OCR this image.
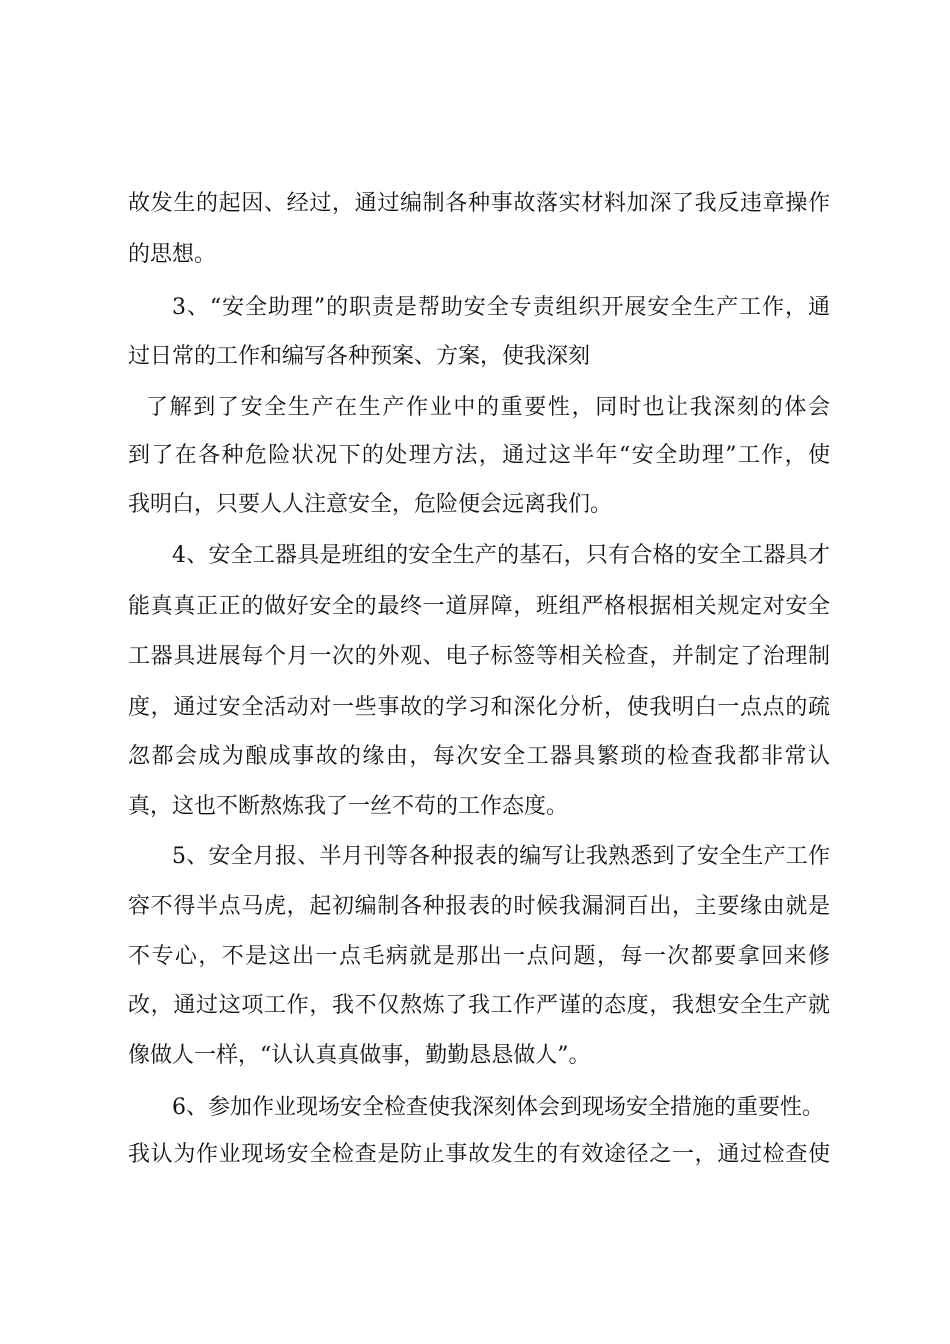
故发生的起因、经过，通过编制各种事故落实材料加深了我反违章操作

的思想。

3、“安全助理”的职责是帮助安全专责组织开展安全生产工作，通

过日常的工作和编写各种预案、方案，使我深刻

了解到了安全生产在生产作业中的重要性，同时也让我深刻的体会

到了在各种危险状况下的处理方法，通过这半年“安全助理”工作，使

我明白，只要人人注意安全，危险便会远离我们。

4、安全工器具是班组的安全生产的基石，只有合格的安全工器具才

能真真正正的做好安全的最终一道屏障，班组严格根据相关规定对安全

工器具进展每个月一次的外观、电子标签等相关检查，并制定了治理制

度，通过安全活动对一些事故的学习和深化分析，使我明白一点点的疏

忽都会成为酿成事故的缘由，每次安全工器具繁琐的检查我都非常认

真，这也不断熬炼我了一丝不苟的工作态度。

5、安全月报、半月刊等各种报表的编写让我熟悉到了安全生产工作

容不得半点马虎，起初编制各种报表的时候我漏洞百出，主要缘由就是

不专心，不是这出一点毛病就是那出一点问题，每一次都要拿回来修

改，通过这项工作，我不仅熬炼了我工作严谨的态度，我想安全生产就

像做人一样，“认认真真做事，勤勤恳恳做人”。

6、参加作业现场安全检查使我深刻体会到现场安全措施的重要性。

我认为作业现场安全检查是防止事故发生的有效途径之一，通过检查使
